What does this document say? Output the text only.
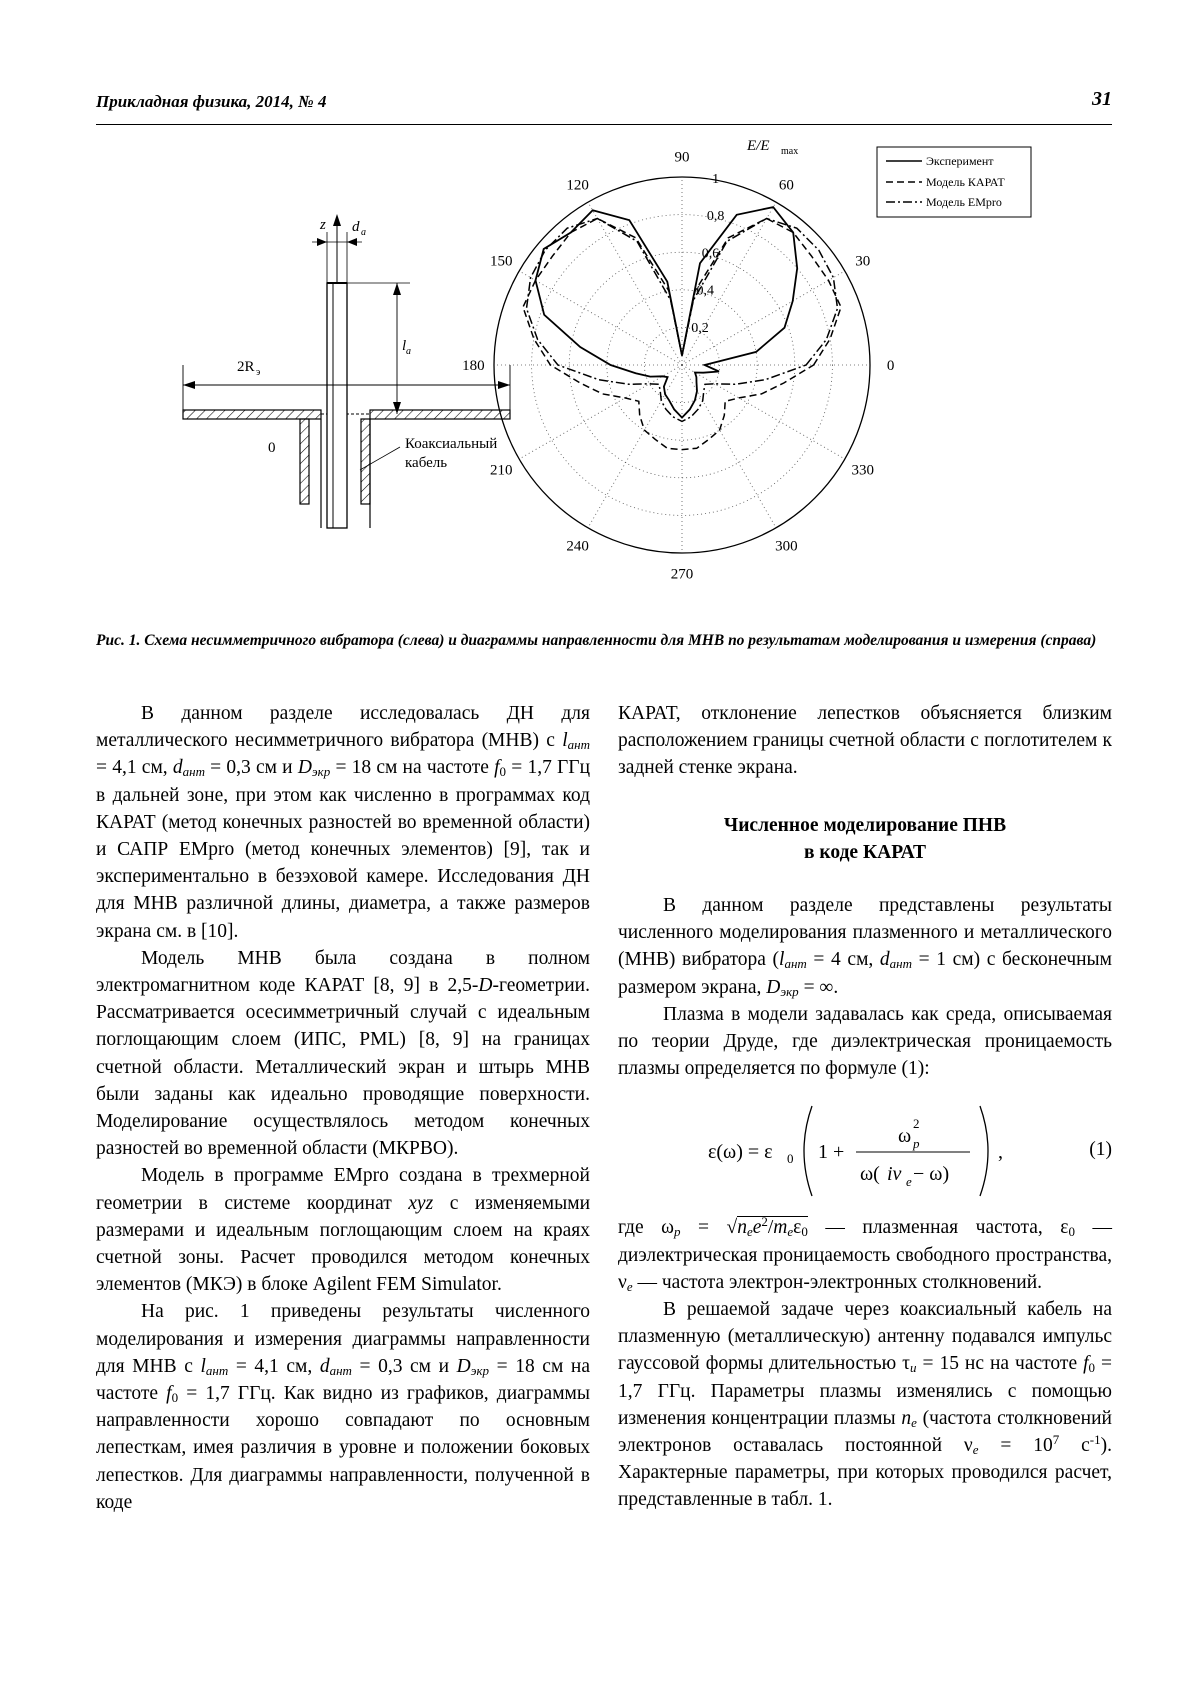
Прикладная физика, 2014, № 4	31
z d a
l a
2R э
0	Коаксиальный
кабель
0
30
60
90
120
150
180
210
240
270
300
330
0,2
0,4
0,6
0,8
1
E/E max
Эксперимент
Модель КАРАТ
Модель EMpro
Рис. 1. Схема несимметричного вибратора (слева) и диаграммы направленности для МНВ по результатам моделирования и измерения (справа)

В данном разделе исследовалась ДН для металлического несимметричного вибратора (МНВ) с $l_{ант} = 4,1$ см, $d_{ант} = 0,3$ см и $D_{экр} = 18$ см на частоте $f_0 = 1,7$ ГГц в дальней зоне, при этом как численно в программах код КАРАТ (метод конечных разностей во временной области) и САПР EMpro (метод конечных элементов) [9], так и экспериментально в безэховой камере. Исследования ДН для МНВ различной длины, диаметра, а также размеров экрана см. в [10].

Модель МНВ была создана в полном электромагнитном коде КАРАТ [8, 9] в 2,5-D-геометрии. Рассматривается осесимметричный случай с идеальным поглощающим слоем (ИПС, PML) [8, 9] на границах счетной области. Металлический экран и штырь МНВ были заданы как идеально проводящие поверхности. Моделирование осуществлялось методом конечных разностей во временной области (МКРВО).

Модель в программе EMpro создана в трехмерной геометрии в системе координат xyz с изменяемыми размерами и идеальным поглощающим слоем на краях счетной зоны. Расчет проводился методом конечных элементов (МКЭ) в блоке Agilent FEM Simulator.

На рис. 1 приведены результаты численного моделирования и измерения диаграммы направленности для МНВ с $l_{ант} = 4,1$ см, $d_{ант} = 0,3$ см и $D_{экр} = 18$ см на частоте $f_0 = 1,7$ ГГц. Как видно из графиков, диаграммы направленности хорошо совпадают по основным лепесткам, имея различия в уровне и положении боковых лепестков. Для диаграммы направленности, полученной в коде

КАРАТ, отклонение лепестков объясняется близким расположением границы счетной области с поглотителем к задней стенке экрана.

Численное моделирование ПНВ
в коде КАРАТ

В данном разделе представлены результаты численного моделирования плазменного и металлического (МНВ) вибратора ($l_{ант} = 4$ см, $d_{ант} = 1$ см) с бесконечным размером экрана, $D_{экр}$ = ∞.

Плазма в модели задавалась как среда, описываемая по теории Друде, где диэлектрическая проницаемость плазмы определяется по формуле (1):

ε(ω) = ε 0 1 +
ω p
2
ω( iν e − ω)
,	(1)

где $\omega_p = √n_ee^2/m_e\varepsilon_0$ — плазменная частота, $\varepsilon_0$ — диэлектрическая проницаемость свободного пространства, $\nu_e$ — частота электрон-электронных столкновений.

В решаемой задаче через коаксиальный кабель на плазменную (металлическую) антенну подавался импульс гауссовой формы длительностью $\tau_и = 15$ нс на частоте $f_0 = 1,7$ ГГц. Параметры плазмы изменялись с помощью изменения концентрации плазмы $n_e$ (частота столкновений электронов оставалась постоянной $\nu_e = 10^7$ $с^{-1}$). Характерные параметры, при которых проводился расчет, представленные в табл. 1.
